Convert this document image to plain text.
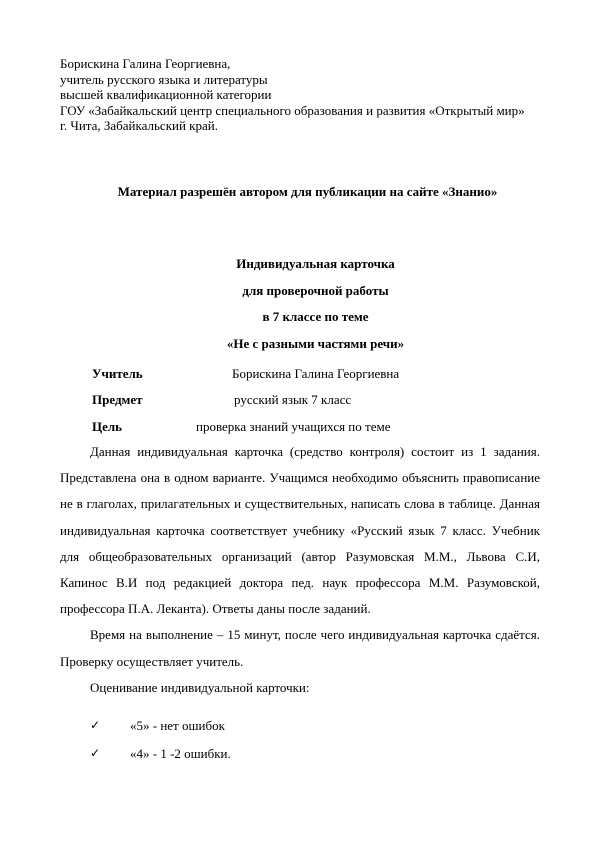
Борискина Галина Георгиевна,
учитель русского языка и литературы
высшей квалификационной категории
ГОУ «Забайкальский центр специального образования и развития «Открытый мир»
г. Чита, Забайкальский край.
Материал разрешён автором для публикации на сайте «Знанио»
Индивидуальная карточка
для проверочной работы
в 7 классе по теме
«Не с разными частями речи»
Учитель	Борискина Галина Георгиевна
Предмет	русский язык 7 класс
Цель	проверка знаний учащихся по теме

Данная индивидуальная карточка (средство контроля) состоит из 1 задания. Представлена она в одном варианте. Учащимся необходимо объяснить правописание не в глаголах, прилагательных и существительных, написать слова в таблице. Данная индивидуальная карточка соответствует учебнику «Русский язык 7 класс. Учебник для общеобразовательных организаций (автор Разумовская М.М., Львова С.И, Капинос В.И под редакцией доктора пед. наук профессора М.М. Разумовской, профессора П.А. Леканта). Ответы даны после заданий.

Время на выполнение – 15 минут, после чего индивидуальная карточка сдаётся. Проверку осуществляет учитель.

Оценивание индивидуальной карточки:

✓ «5» - нет ошибок
✓ «4» - 1 -2 ошибки.
